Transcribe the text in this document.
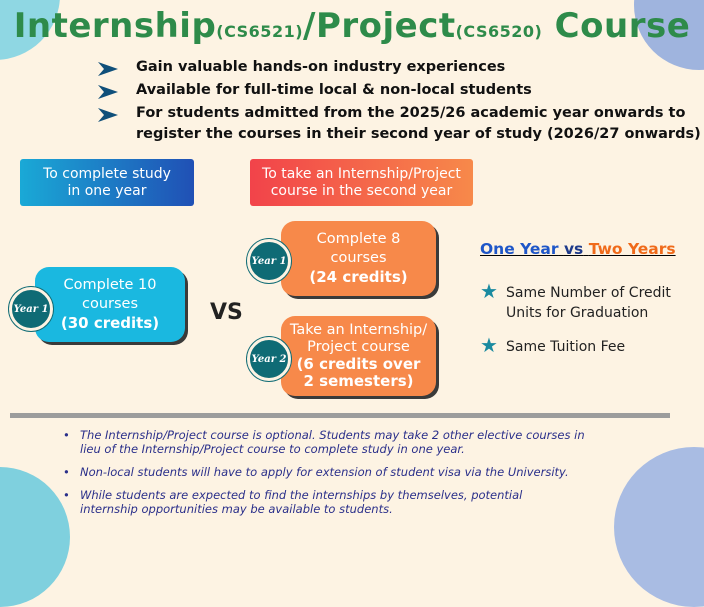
Internship(CS6521)/Project(CS6520) Course
Gain valuable hands-on industry experiences
Available for full-time local & non-local students
For students admitted from the 2025/26 academic year onwards to
register the courses in their second year of study (2026/27 onwards)
To complete study
in one year
To take an Internship/Project
course in the second year
Complete 10
courses
(30 credits)
Year 1	VS
Complete 8
courses
(24 credits)
Year 1
Take an Internship/
Project course
(6 credits over
2 semesters)
Year 2
One Year vs Two Years
★ Same Number of Credit
Units for Graduation
★ Same Tuition Fee
• The Internship/Project course is optional. Students may take 2 other elective courses in
lieu of the Internship/Project course to complete study in one year.
• Non-local students will have to apply for extension of student visa via the University.
• While students are expected to find the internships by themselves, potential
internship opportunities may be available to students.
